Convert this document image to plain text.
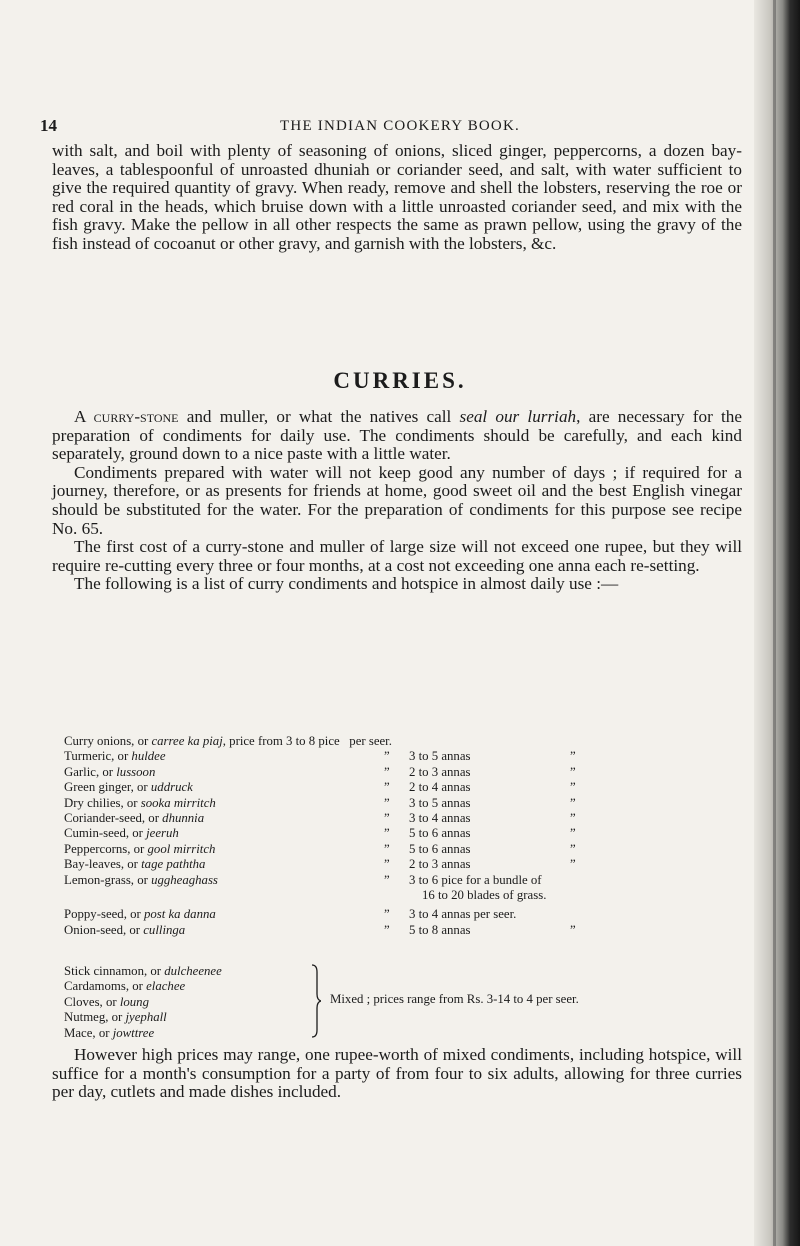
14	THE INDIAN COOKERY BOOK.

with salt, and boil with plenty of seasoning of onions, sliced ginger, peppercorns, a dozen bay-leaves, a tablespoonful of unroasted dhuniah or coriander seed, and salt, with water sufficient to give the required quantity of gravy. When ready, remove and shell the lobsters, reserving the roe or red coral in the heads, which bruise down with a little unroasted coriander seed, and mix with the fish gravy. Make the pellow in all other respects the same as prawn pellow, using the gravy of the fish instead of cocoanut or other gravy, and garnish with the lobsters, &c.

CURRIES.

A curry-stone and muller, or what the natives call seal our lurriah, are necessary for the preparation of condiments for daily use. The condiments should be carefully, and each kind separately, ground down to a nice paste with a little water.

Condiments prepared with water will not keep good any number of days ; if required for a journey, therefore, or as presents for friends at home, good sweet oil and the best English vinegar should be substituted for the water. For the preparation of condiments for this purpose see recipe No. 65.

The first cost of a curry-stone and muller of large size will not exceed one rupee, but they will require re-cutting every three or four months, at a cost not exceeding one anna each re-setting.

The following is a list of curry condiments and hotspice in almost daily use :—

Curry onions, or carree ka piaj, price from 3 to 8 pice per seer.
Turmeric, or huldee	” 3 to 5 annas	”
Garlic, or lussoon	” 2 to 3 annas	”
Green ginger, or uddruck	” 2 to 4 annas	”
Dry chilies, or sooka mirritch	” 3 to 5 annas	”
Coriander-seed, or dhunnia	” 3 to 4 annas	”
Cumin-seed, or jeeruh	” 5 to 6 annas	”
Peppercorns, or gool mirritch	” 5 to 6 annas	”
Bay-leaves, or tage paththa	” 2 to 3 annas	”
Lemon-grass, or uggheaghass	” 3 to 6 pice for a bundle of
16 to 20 blades of grass.
Poppy-seed, or post ka danna	” 3 to 4 annas per seer.
Onion-seed, or cullinga	” 5 to 8 annas	”
Stick cinnamon, or dulcheenee
Cardamoms, or elachee
Cloves, or loung
Nutmeg, or jyephall
Mace, or jowttree
Mixed ; prices range from Rs. 3-14 to 4 per seer.

However high prices may range, one rupee-worth of mixed condiments, including hotspice, will suffice for a month's consumption for a party of from four to six adults, allowing for three curries per day, cutlets and made dishes included.
